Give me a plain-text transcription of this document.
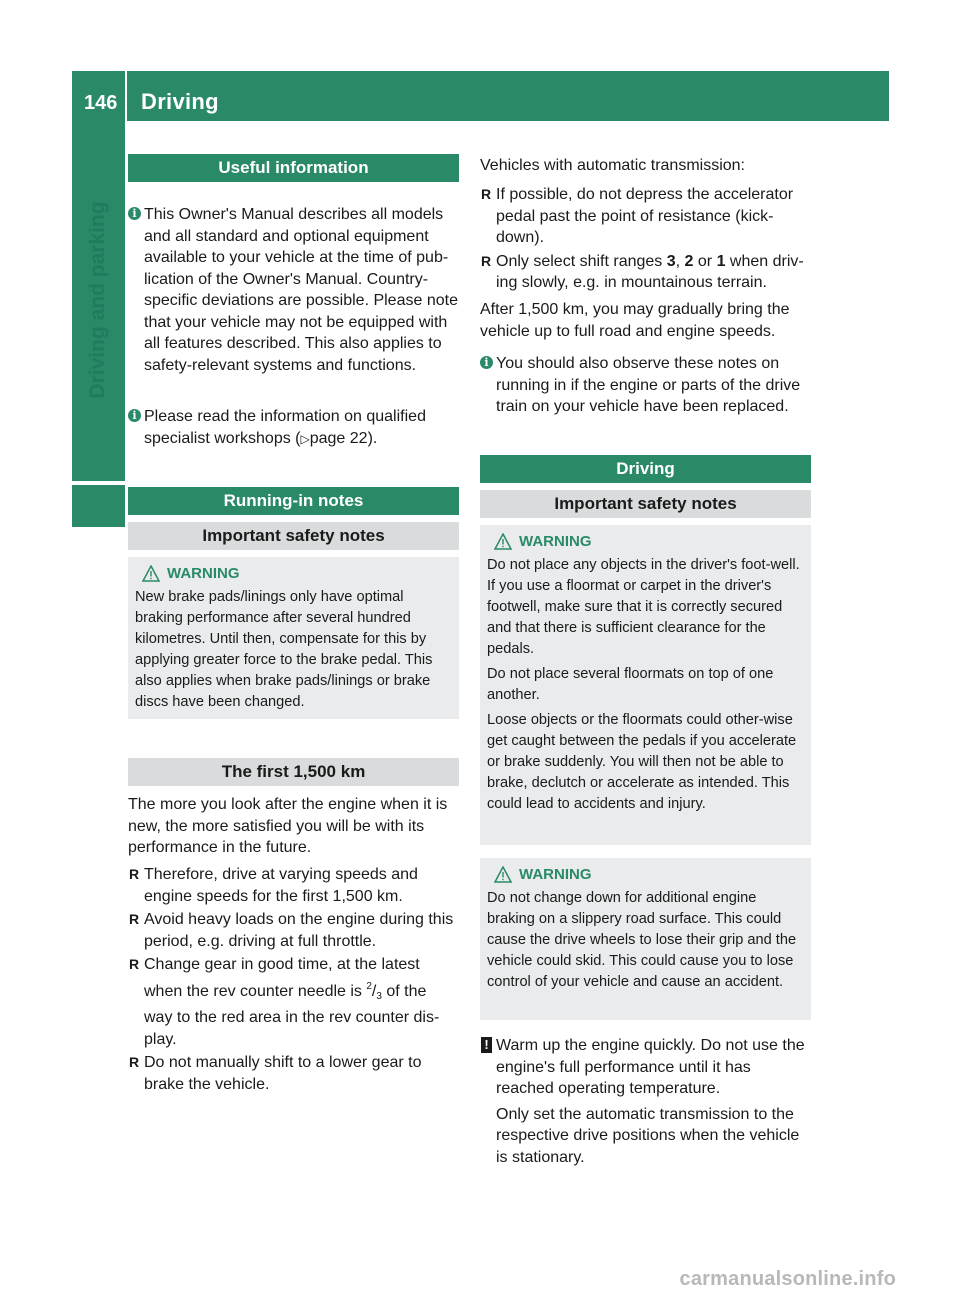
146 Driving
Driving and parking
Useful information
i This Owner's Manual describes all models and all standard and optional equipment available to your vehicle at the time of pub-lication of the Owner's Manual. Country-specific deviations are possible. Please note that your vehicle may not be equipped with all features described. This also applies to safety-relevant systems and functions.
i Please read the information on qualified specialist workshops (▷page 22).
Running-in notes
Important safety notes
WARNING
New brake pads/linings only have optimal braking performance after several hundred kilometres. Until then, compensate for this by applying greater force to the brake pedal. This also applies when brake pads/linings or brake discs have been changed.
The first 1,500 km
The more you look after the engine when it is new, the more satisfied you will be with its performance in the future.
R Therefore, drive at varying speeds and engine speeds for the first 1,500 km.
R Avoid heavy loads on the engine during this period, e.g. driving at full throttle.
R Change gear in good time, at the latest when the rev counter needle is $^2/_3$ of the way to the red area in the rev counter dis-play.
R Do not manually shift to a lower gear to brake the vehicle.
Vehicles with automatic transmission:
R If possible, do not depress the accelerator pedal past the point of resistance (kick-down).
R Only select shift ranges 3, 2 or 1 when driv-ing slowly, e.g. in mountainous terrain.
After 1,500 km, you may gradually bring the vehicle up to full road and engine speeds.
i You should also observe these notes on running in if the engine or parts of the drive train on your vehicle have been replaced.
Driving
Important safety notes
WARNING
Do not place any objects in the driver's foot-well. If you use a floormat or carpet in the driver's footwell, make sure that it is correctly secured and that there is sufficient clearance for the pedals.
Do not place several floormats on top of one another.
Loose objects or the floormats could other-wise get caught between the pedals if you accelerate or brake suddenly. You will then not be able to brake, declutch or accelerate as intended. This could lead to accidents and injury.
WARNING
Do not change down for additional engine braking on a slippery road surface. This could cause the drive wheels to lose their grip and the vehicle could skid. This could cause you to lose control of your vehicle and cause an accident.
! Warm up the engine quickly. Do not use the engine's full performance until it has reached operating temperature.
Only set the automatic transmission to the respective drive positions when the vehicle is stationary.
carmanualsonline.info
